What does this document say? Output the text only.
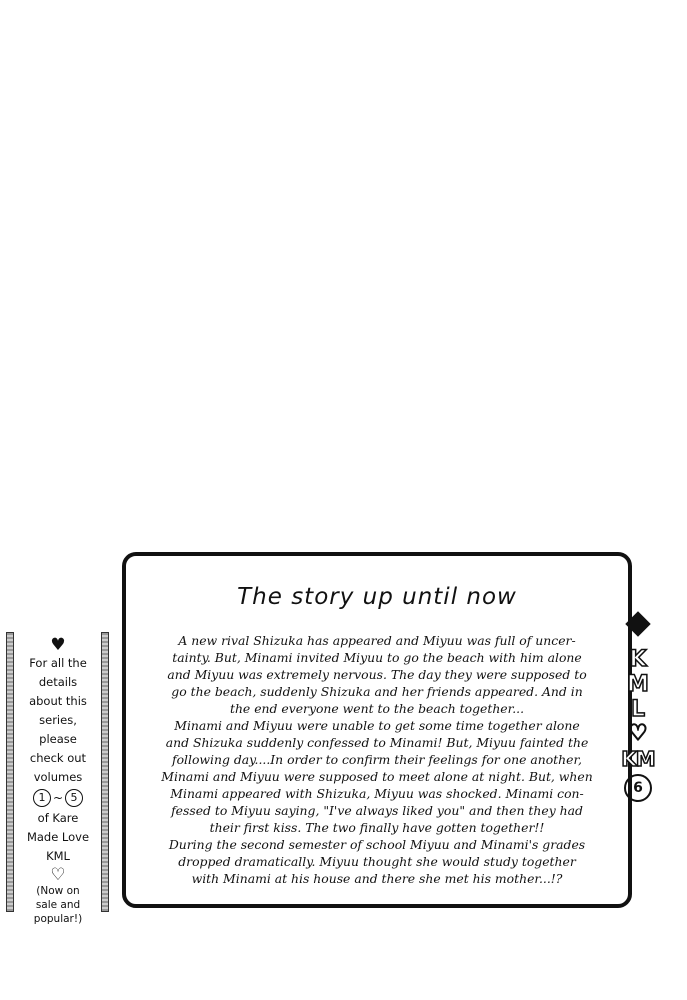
The story up until now

A new rival Shizuka has appeared and Miyuu was full of uncer-

tainty. But, Minami invited Miyuu to go the beach with him alone

and Miyuu was extremely nervous. The day they were supposed to

go the beach, suddenly Shizuka and her friends appeared. And in

the end everyone went to the beach together...

Minami and Miyuu were unable to get some time together alone

and Shizuka suddenly confessed to Minami! But, Miyuu fainted the

following day....In order to confirm their feelings for one another,

Minami and Miyuu were supposed to meet alone at night. But, when

Minami appeared with Shizuka, Miyuu was shocked. Minami con-

fessed to Miyuu saying, "I've always liked you" and then they had

their first kiss. The two finally have gotten together!!

During the second semester of school Miyuu and Minami's grades

dropped dramatically. Miyuu thought she would study together

with Minami at his house and there she met his mother...!?

♥
For all the
details
about this
series,
please
check out
volumes
1 ~ 5
of Kare
Made Love
KML
♡
(Now on
sale and
popular!)
K
M
L
♡
KM
6
